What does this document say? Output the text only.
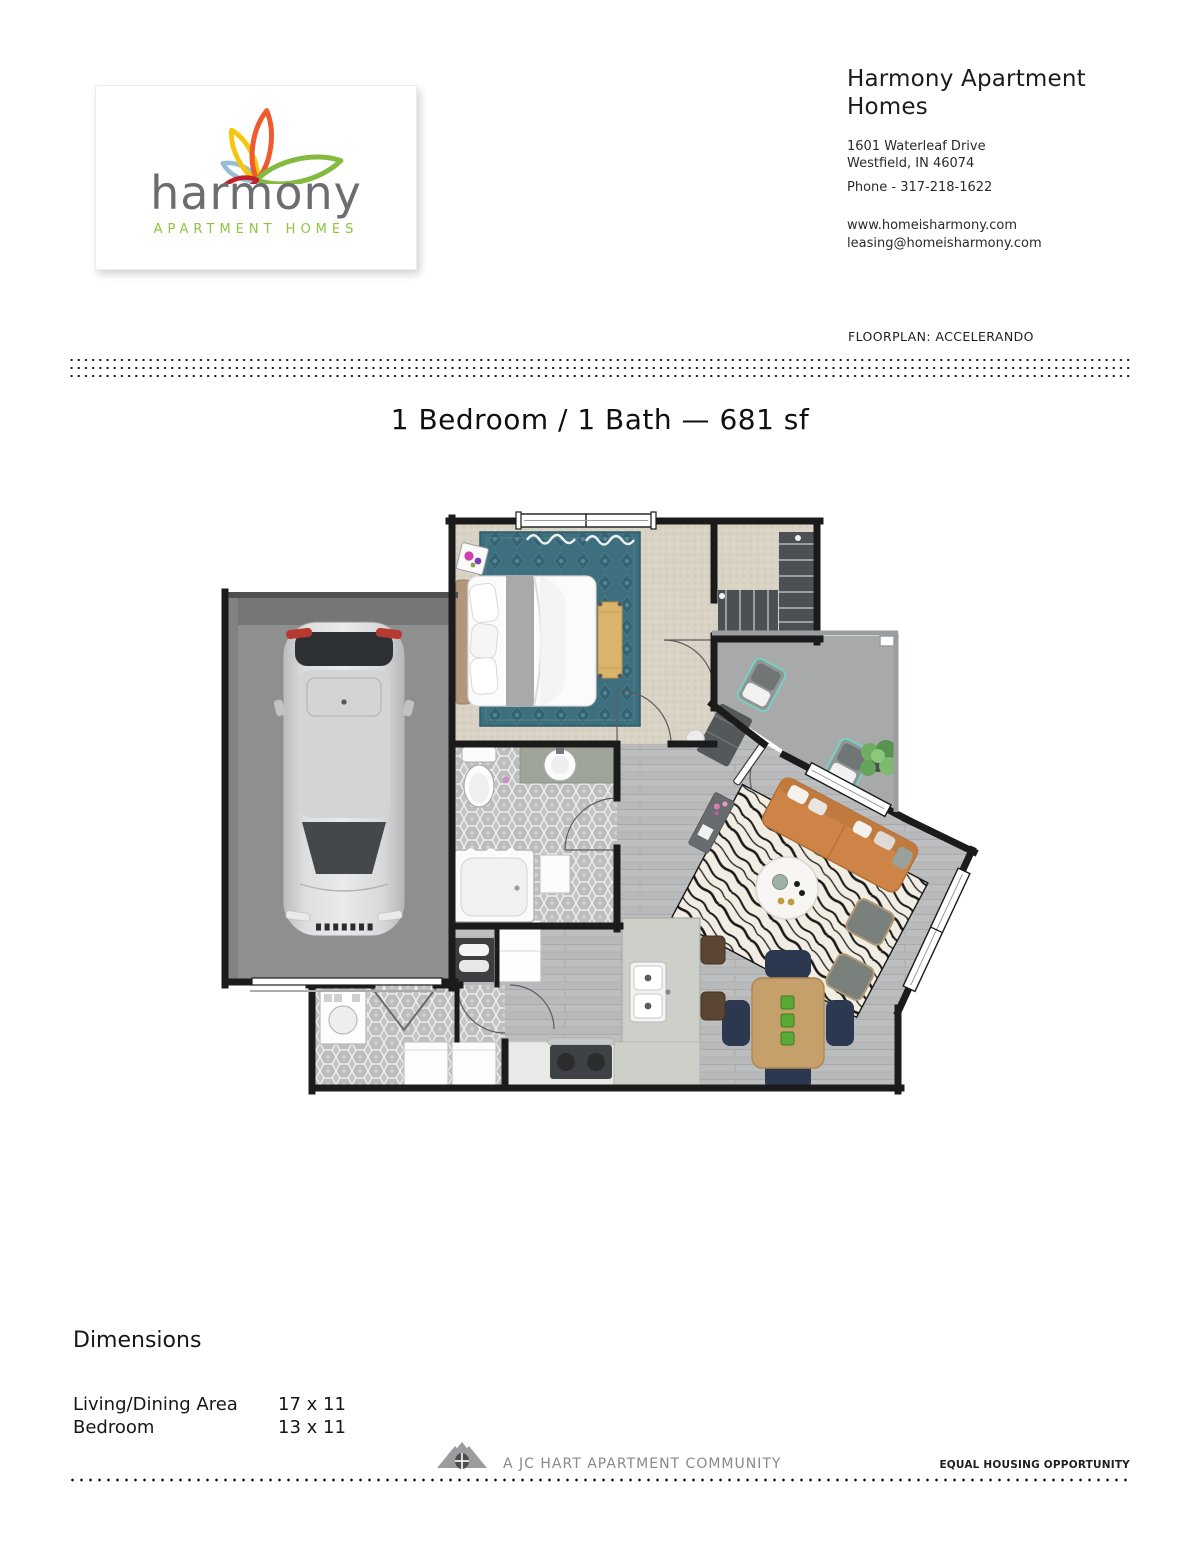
harmony
APARTMENT HOMES
Harmony Apartment Homes
1601 Waterleaf Drive
Westfield, IN 46074
Phone - 317-218-1622
www.homeisharmony.com
leasing@homeisharmony.com
FLOORPLAN: ACCELERANDO
1 Bedroom / 1 Bath — 681 sf
Dimensions
Living/Dining Area	17 x 11
Bedroom	13 x 11
A JC HART APARTMENT COMMUNITY	EQUAL HOUSING OPPORTUNITY
